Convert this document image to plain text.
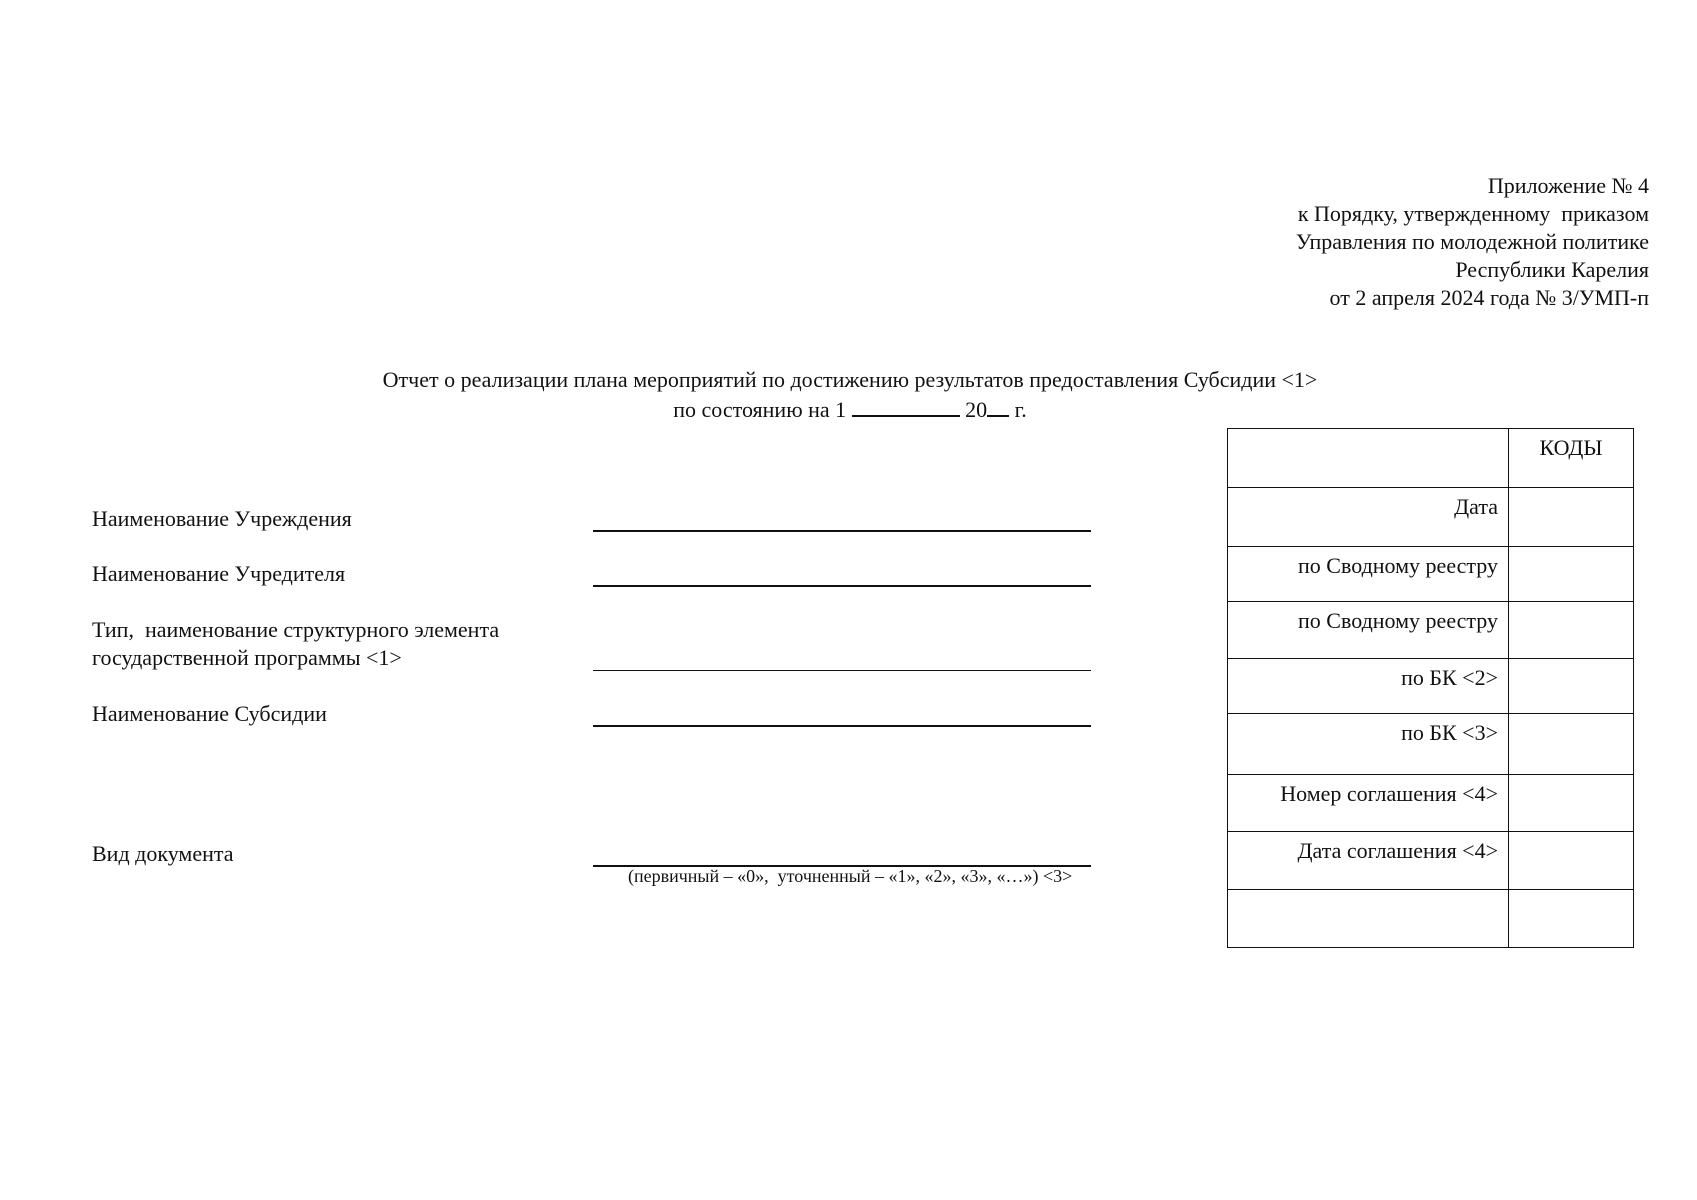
Приложение № 4
к Порядку, утвержденному  приказом
Управления по молодежной политике
Республики Карелия
от 2 апреля 2024 года № 3/УМП-п
Отчет о реализации плана мероприятий по достижению результатов предоставления Субсидии <1>
по состоянию на 1	20 г.
Наименование Учреждения
Наименование Учредителя
Тип,  наименование структурного элемента
государственной программы <1>
Наименование Субсидии
Вид документа
(первичный – «0»,  уточненный – «1», «2», «3», «…») <3>
	КОДЫ
Дата	
по Сводному реестру	
по Сводному реестру	
по БК <2>	
по БК <3>	
Номер соглашения <4>	
Дата соглашения <4>	
